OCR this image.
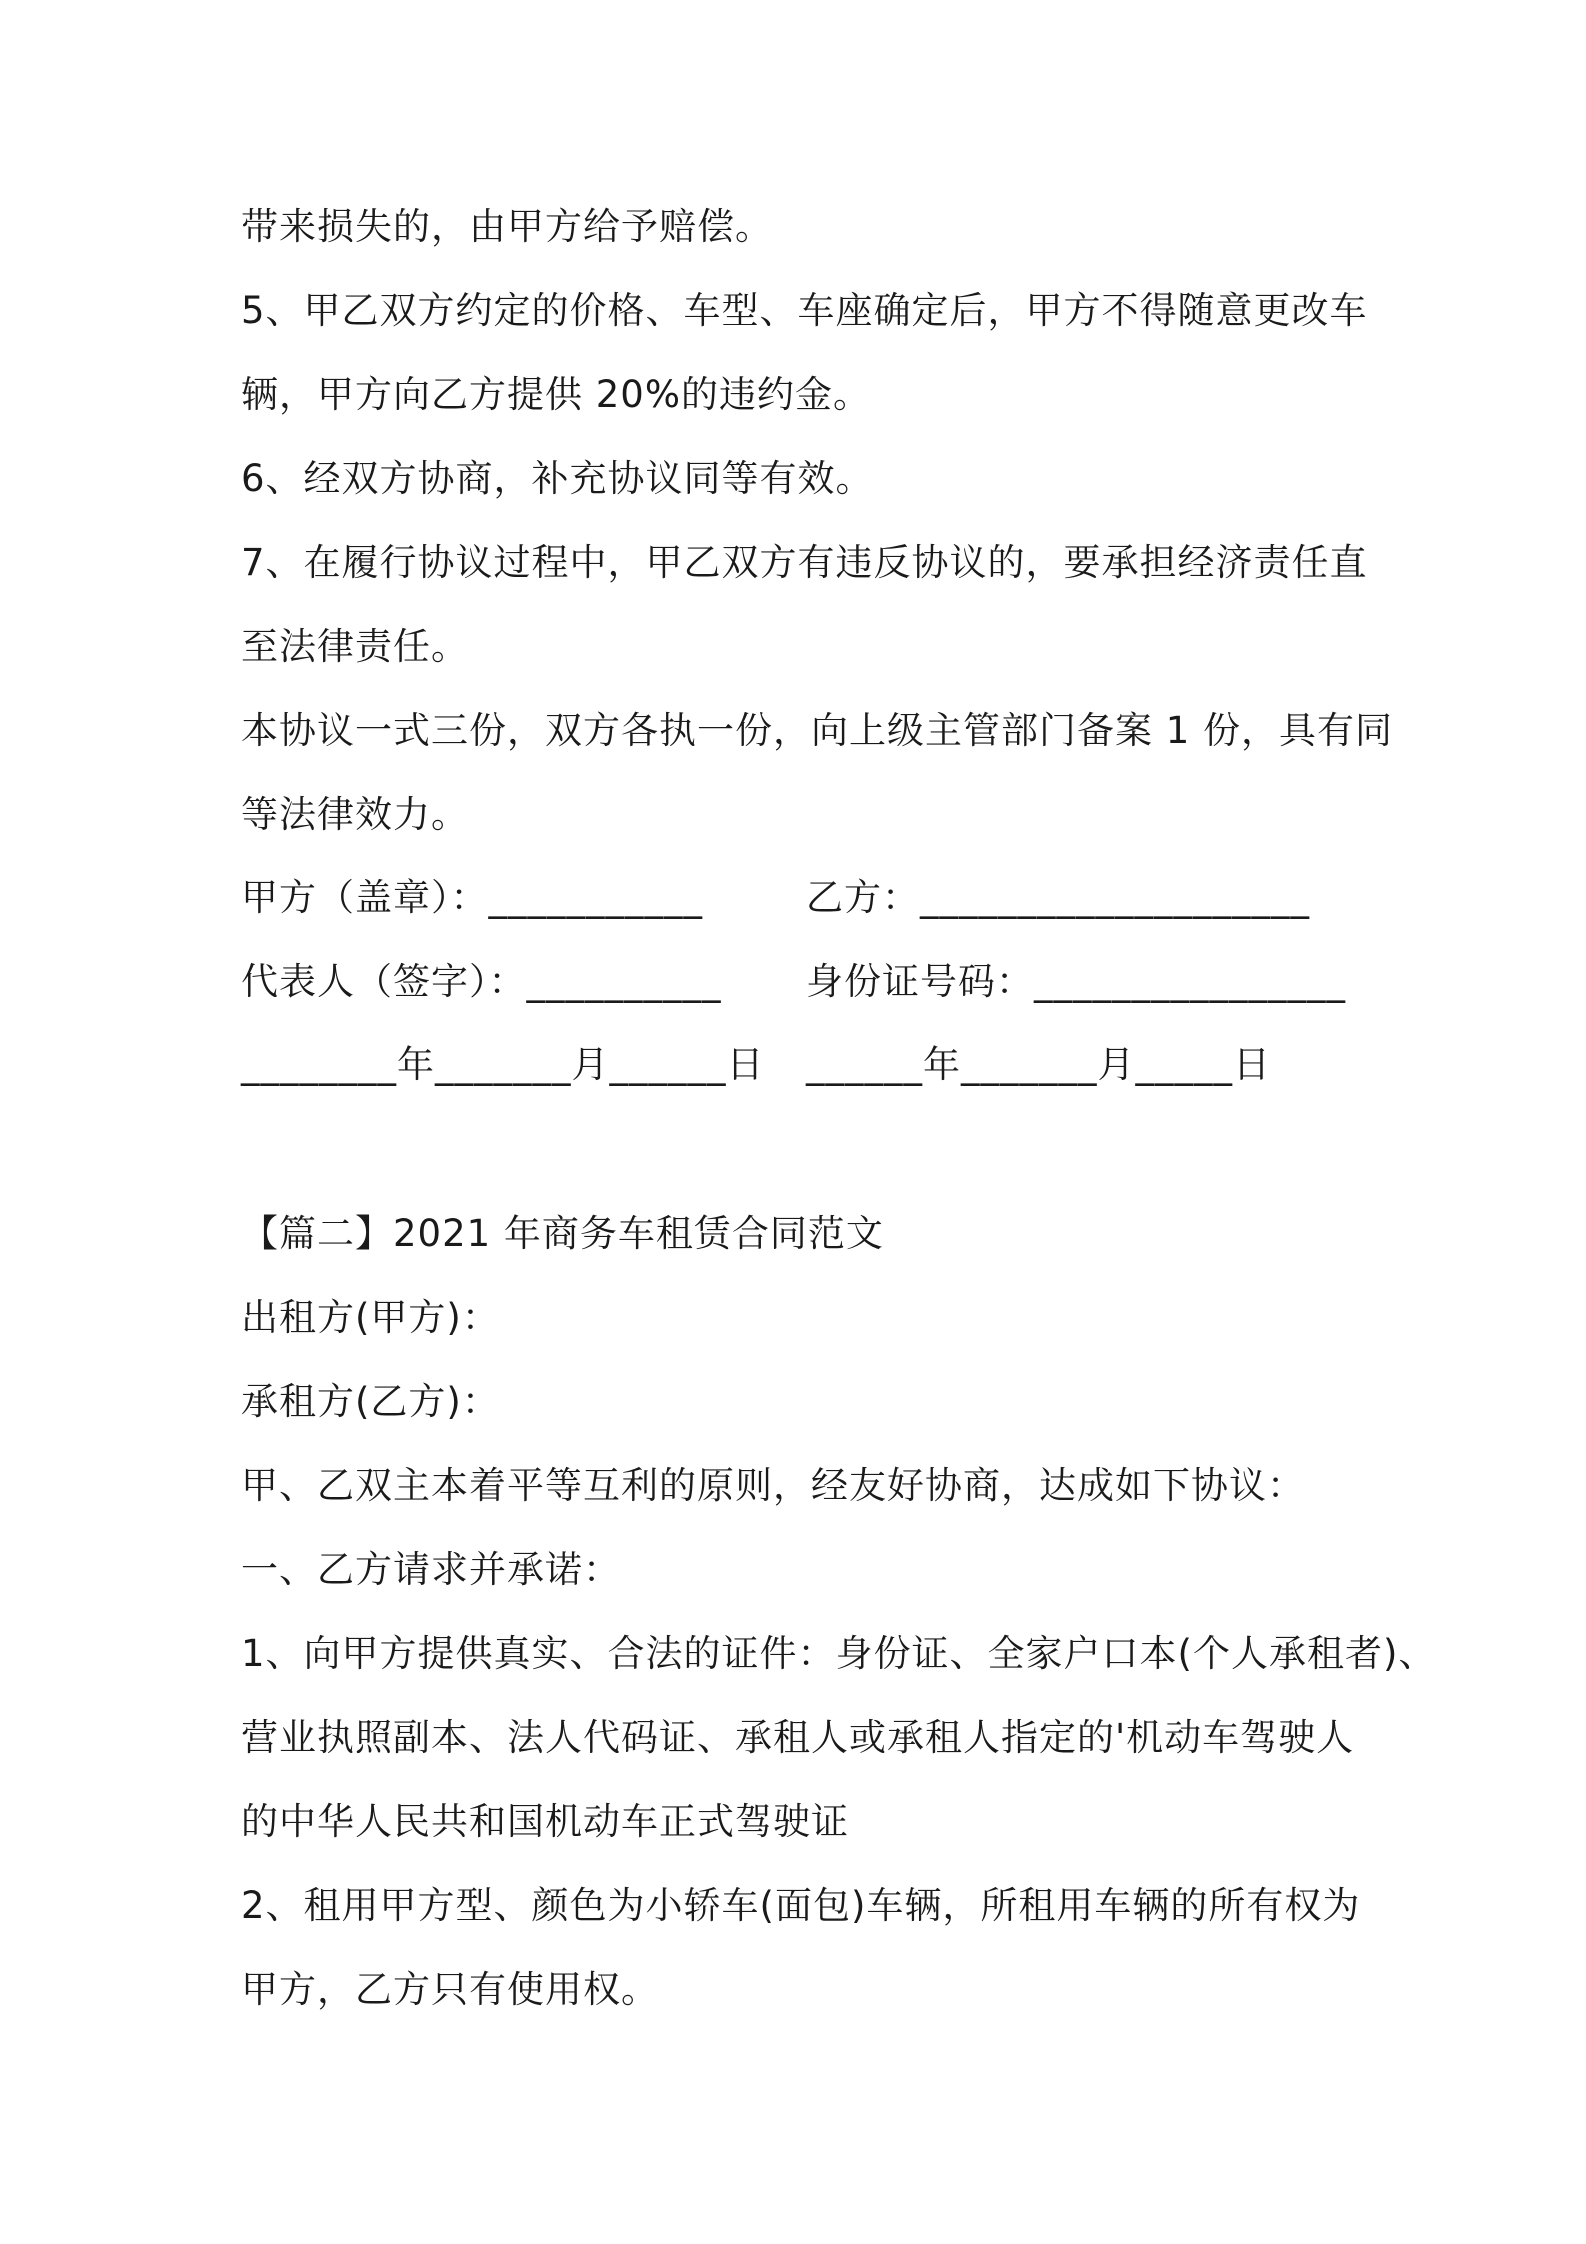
带来损失的，由甲方给予赔偿。
5、甲乙双方约定的价格、车型、车座确定后，甲方不得随意更改车
辆，甲方向乙方提供 20%的违约金。
6、经双方协商，补充协议同等有效。
7、在履行协议过程中，甲乙双方有违反协议的，要承担经济责任直
至法律责任。
本协议一式三份，双方各执一份，向上级主管部门备案 1 份，具有同
等法律效力。
甲方（盖章）：___________	乙方：____________________
代表人（签字）：__________ 身份证号码：________________
________年_______月______日 ______年_______月_____日
【篇二】2021 年商务车租赁合同范文
出租方(甲方)：
承租方(乙方)：
甲、乙双主本着平等互利的原则，经友好协商，达成如下协议：
一、乙方请求并承诺：
1、向甲方提供真实、合法的证件：身份证、全家户口本(个人承租者)、
营业执照副本、法人代码证、承租人或承租人指定的'机动车驾驶人
的中华人民共和国机动车正式驾驶证
2、租用甲方型、颜色为小轿车(面包)车辆，所租用车辆的所有权为
甲方，乙方只有使用权。
